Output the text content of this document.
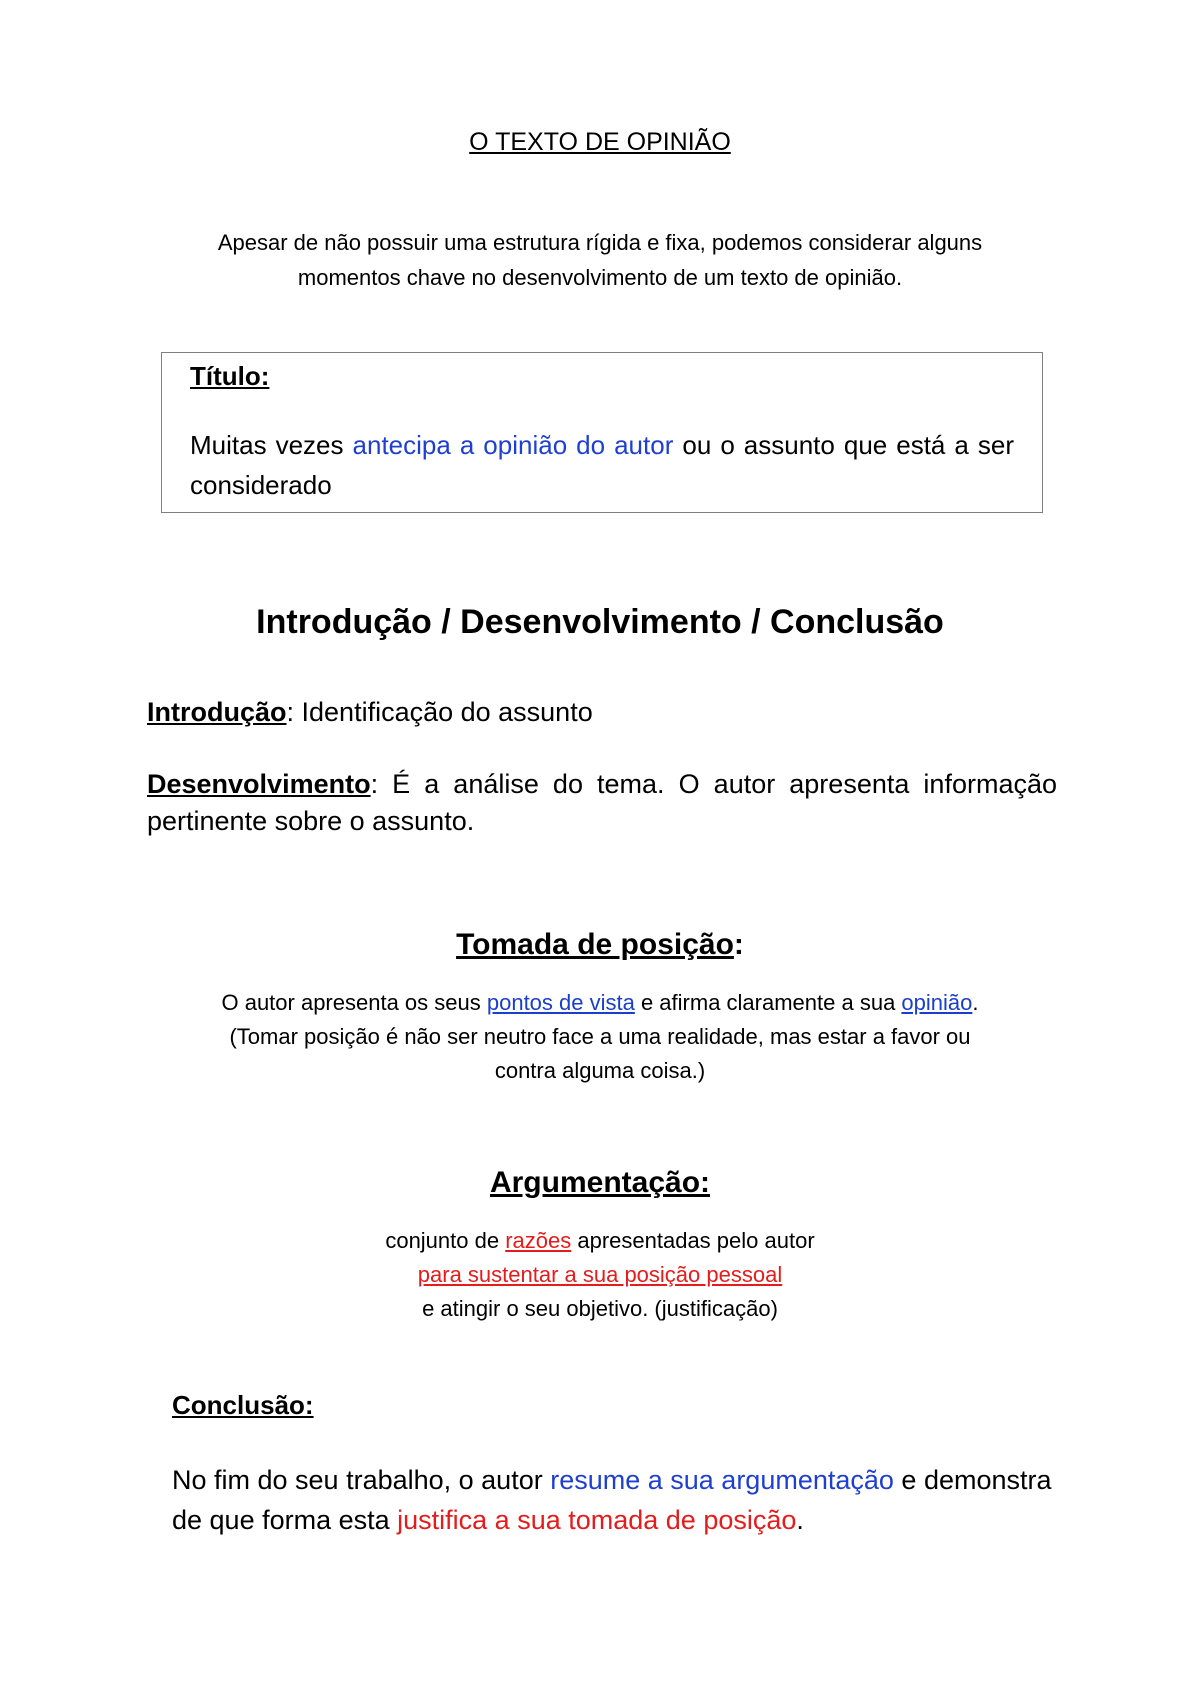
O TEXTO DE OPINIÃO

Apesar de não possuir uma estrutura rígida e fixa, podemos considerar alguns
momentos chave no desenvolvimento de um texto de opinião.

Título:

Muitas vezes antecipa a opinião do autor ou o assunto que está a ser considerado

Introdução / Desenvolvimento / Conclusão

Introdução: Identificação do assunto

Desenvolvimento: É a análise do tema. O autor apresenta informação pertinente sobre o assunto.

Tomada de posição:

O autor apresenta os seus pontos de vista e afirma claramente a sua opinião.
(Tomar posição é não ser neutro face a uma realidade, mas estar a favor ou
contra alguma coisa.)

Argumentação:

conjunto de razões apresentadas pelo autor
para sustentar a sua posição pessoal
e atingir o seu objetivo. (justificação)

Conclusão:

No fim do seu trabalho, o autor resume a sua argumentação e demonstra de que forma esta justifica a sua tomada de posição.
